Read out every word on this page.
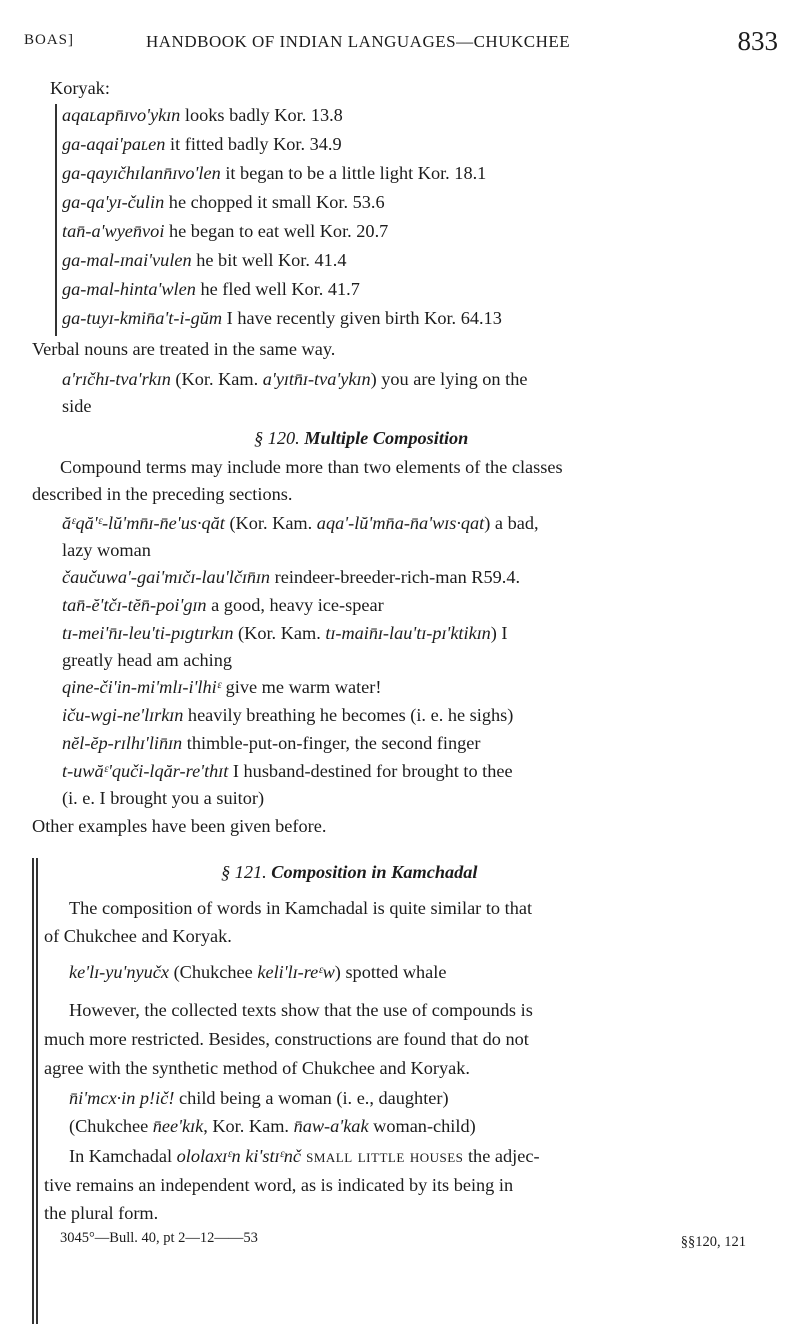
BOAS]	HANDBOOK OF INDIAN LANGUAGES—CHUKCHEE	833
Koryak:
aqaʟapn̄ɪvo'ykɪn looks badly Kor. 13.8
ga-aqai'paʟen it fitted badly Kor. 34.9
ga-qayɪčhɪlann̄ɪvo'len it began to be a little light Kor. 18.1
ga-qa'yɪ-čulin he chopped it small Kor. 53.6
tan̄-a'wyen̄voi he began to eat well Kor. 20.7
ga-mal-ɪnai'vulen he bit well Kor. 41.4
ga-mal-hinta'wlen he fled well Kor. 41.7
ga-tuyɪ-kmin̄a't-i-gŭm I have recently given birth Kor. 64.13
Verbal nouns are treated in the same way.
a'rɪčhɪ-tva'rkɪn (Kor. Kam. a'yɪtn̄ɪ-tva'ykɪn) you are lying on the
side
§ 120. Multiple Composition
Compound terms may include more than two elements of the classes
described in the preceding sections.
ăᵋqă'ᵋ-lŭ'mn̄ɪ-n̄e'us·qăt (Kor. Kam. aqa'-lŭ'mn̄a-n̄a'wɪs·qat) a bad,
lazy woman
čaučuwa'-gai'mɪčɪ-lau'lčɪn̄ɪn reindeer-breeder-rich-man R59.4.
tan̄-ĕ'tčɪ-tĕn̄-poi'gɪn a good, heavy ice-spear
tɪ-mei'n̄ɪ-leu'ti-pɪgtɪrkɪn (Kor. Kam. tɪ-main̄ɪ-lau'tɪ-pɪ'ktikɪn) I
greatly head am aching
qine-či'in-mi'mlɪ-i'lhiᵋ give me warm water!
iču-wgi-ne'lɪrkɪn heavily breathing he becomes (i. e. he sighs)
nĕl-ĕp-rɪlhɪ'lin̄ɪn thimble-put-on-finger, the second finger
t-uwăᵋ'quči-lqăr-re'thɪt I husband-destined for brought to thee
(i. e. I brought you a suitor)
Other examples have been given before.
§ 121. Composition in Kamchadal
The composition of words in Kamchadal is quite similar to that
of Chukchee and Koryak.
ke'lɪ-yu'nyučx (Chukchee keli'lɪ-reᵋw) spotted whale
However, the collected texts show that the use of compounds is
much more restricted. Besides, constructions are found that do not
agree with the synthetic method of Chukchee and Koryak.
n̄i'mcx·in p!ič! child being a woman (i. e., daughter)
(Chukchee n̄ee'kɪk, Kor. Kam. n̄aw-a'kak woman-child)
In Kamchadal ololaxɪᵋn ki'stɪᵋnč small little houses the adjec-
tive remains an independent word, as is indicated by its being in
the plural form.
3045°—Bull. 40, pt 2—12——53	§§120, 121
